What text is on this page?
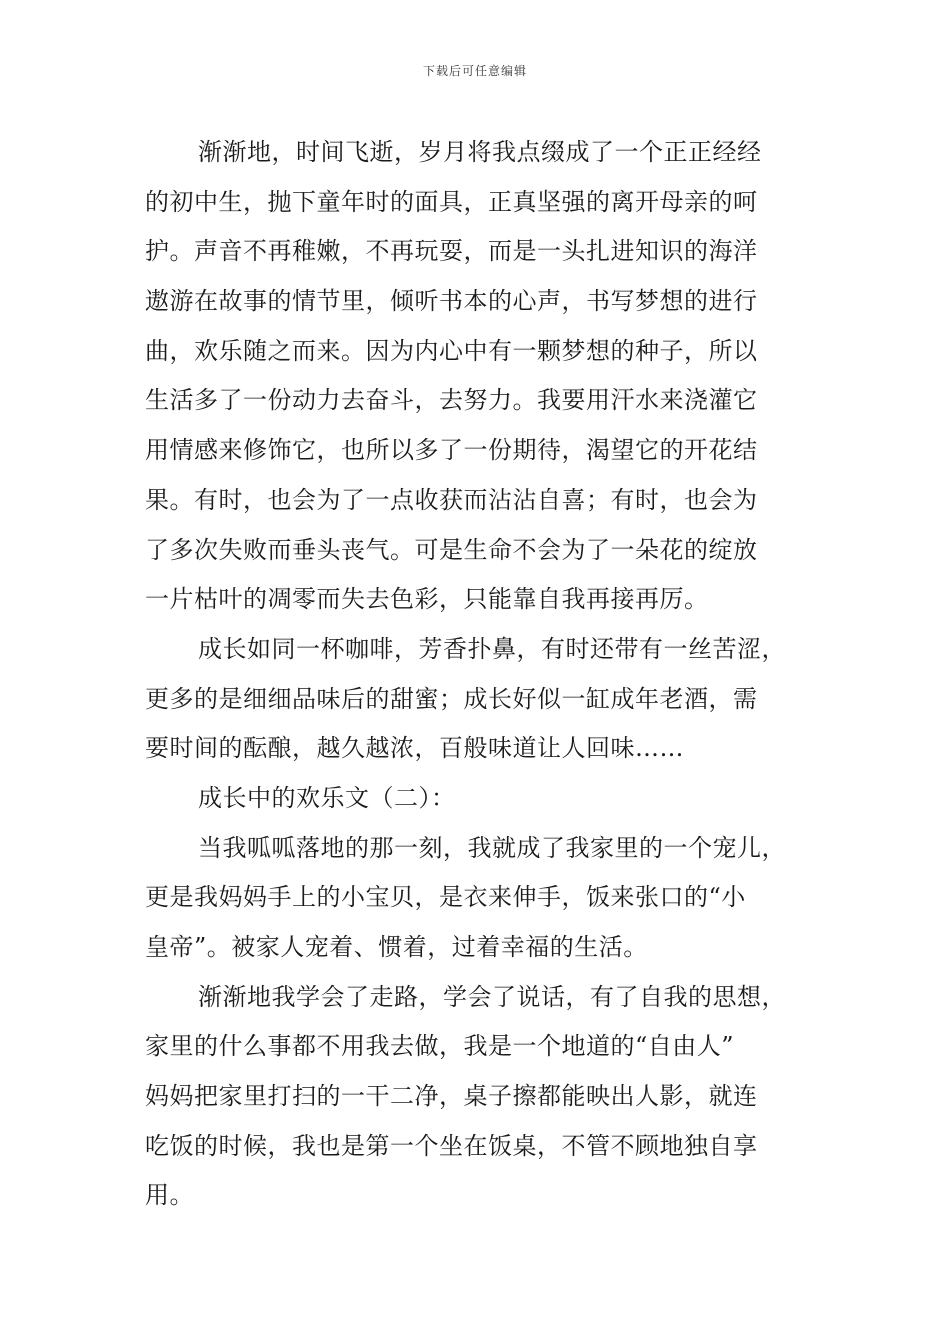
下载后可任意编辑
渐渐地，时间飞逝，岁月将我点缀成了一个正正经经
的初中生，抛下童年时的面具，正真坚强的离开母亲的呵
护。声音不再稚嫩，不再玩耍，而是一头扎进知识的海洋
遨游在故事的情节里，倾听书本的心声，书写梦想的进行
曲，欢乐随之而来。因为内心中有一颗梦想的种子，所以
生活多了一份动力去奋斗，去努力。我要用汗水来浇灌它
用情感来修饰它，也所以多了一份期待，渴望它的开花结
果。有时，也会为了一点收获而沾沾自喜；有时，也会为
了多次失败而垂头丧气。可是生命不会为了一朵花的绽放
一片枯叶的凋零而失去色彩，只能靠自我再接再厉。
成长如同一杯咖啡，芳香扑鼻，有时还带有一丝苦涩，
更多的是细细品味后的甜蜜；成长好似一缸成年老酒，需
要时间的酝酿，越久越浓，百般味道让人回味……
成长中的欢乐文（二）：
当我呱呱落地的那一刻，我就成了我家里的一个宠儿，
更是我妈妈手上的小宝贝，是衣来伸手，饭来张口的“小
皇帝”。被家人宠着、惯着，过着幸福的生活。
渐渐地我学会了走路，学会了说话，有了自我的思想，
家里的什么事都不用我去做，我是一个地道的“自由人”
妈妈把家里打扫的一干二净，桌子擦都能映出人影，就连
吃饭的时候，我也是第一个坐在饭桌，不管不顾地独自享
用。
